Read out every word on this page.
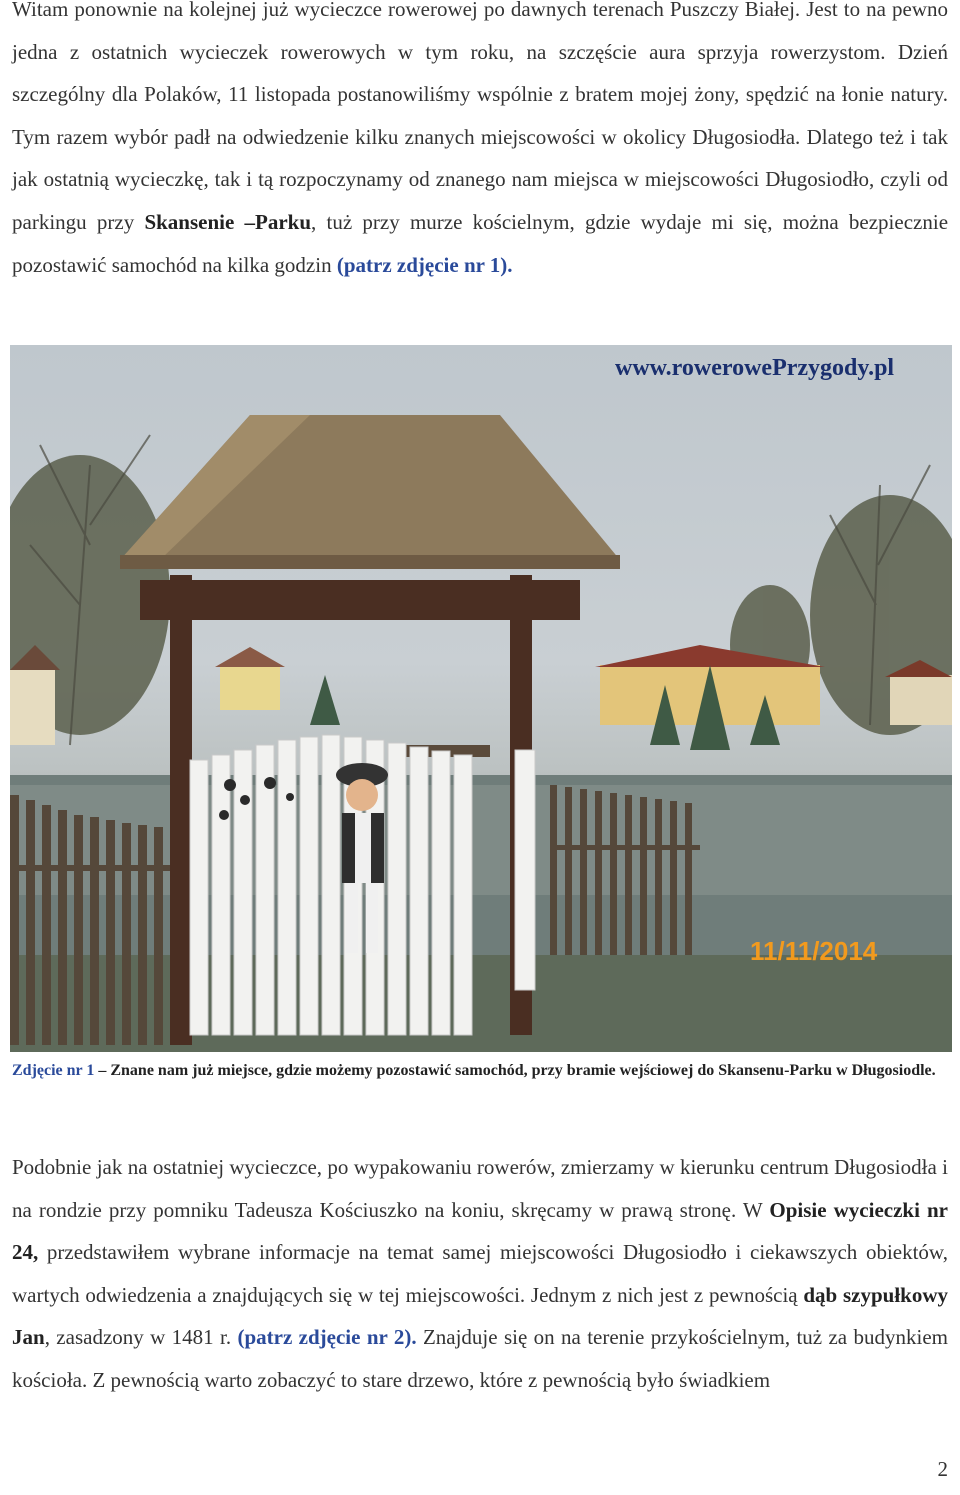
Witam ponownie na kolejnej już wycieczce rowerowej po dawnych terenach Puszczy Białej. Jest to na pewno jedna z ostatnich wycieczek rowerowych w tym roku, na szczęście aura sprzyja rowerzystom. Dzień szczególny dla Polaków, 11 listopada postanowiliśmy wspólnie z bratem mojej żony, spędzić na łonie natury. Tym razem wybór padł na odwiedzenie kilku znanych miejscowości w okolicy Długosiodła. Dlatego też i tak jak ostatnią wycieczkę, tak i tą rozpoczynamy od znanego nam miejsca w miejscowości Długosiodło, czyli od parkingu przy Skansenie –Parku, tuż przy murze kościelnym, gdzie wydaje mi się, można bezpiecznie pozostawić samochód na kilka godzin (patrz zdjęcie nr 1).

www.rowerowePrzygody.pl
11/11/2014

Zdjęcie nr 1 – Znane nam już miejsce, gdzie możemy pozostawić samochód, przy bramie wejściowej do Skansenu-Parku w Długosiodle.

Podobnie jak na ostatniej wycieczce, po wypakowaniu rowerów, zmierzamy w kierunku centrum Długosiodła i na rondzie przy pomniku Tadeusza Kościuszko na koniu, skręcamy w prawą stronę. W Opisie wycieczki nr 24, przedstawiłem wybrane informacje na temat samej miejscowości Długosiodło i ciekawszych obiektów, wartych odwiedzenia a znajdujących się w tej miejscowości. Jednym z nich jest z pewnością dąb szypułkowy Jan, zasadzony w 1481 r. (patrz zdjęcie nr 2). Znajduje się on na terenie przykościelnym, tuż za budynkiem kościoła. Z pewnością warto zobaczyć to stare drzewo, które z pewnością było świadkiem

2
